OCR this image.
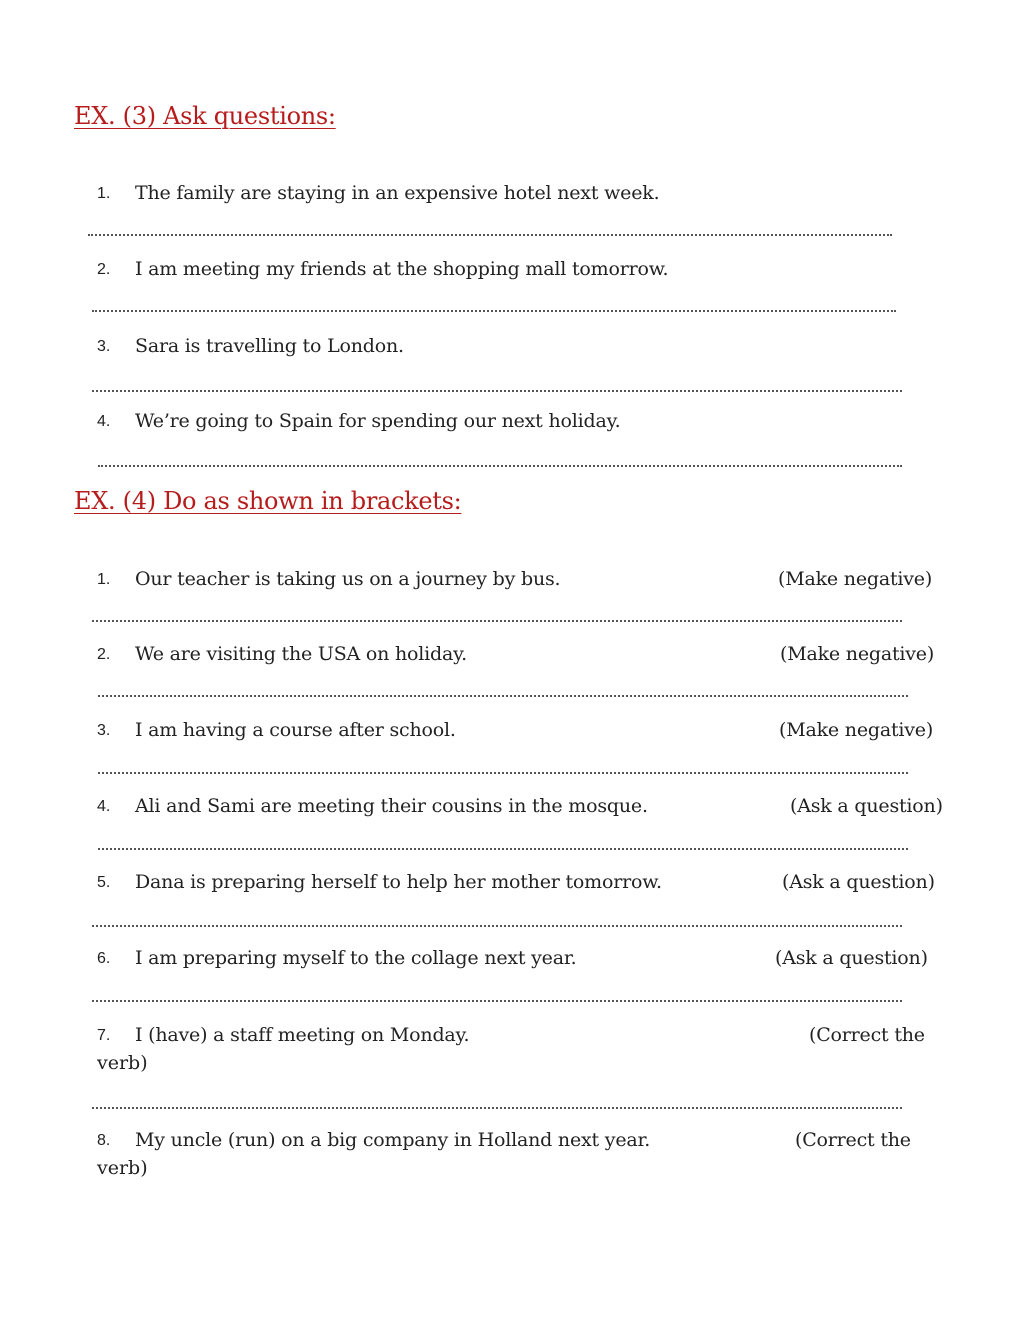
EX. (3) Ask questions:
1. The family are staying in an expensive hotel next week.
2. I am meeting my friends at the shopping mall tomorrow.
3. Sara is travelling to London.
4. We’re going to Spain for spending our next holiday.
EX. (4) Do as shown in brackets:
1. Our teacher is taking us on a journey by bus.	(Make negative)
2. We are visiting the USA on holiday.	(Make negative)
3. I am having a course after school.	(Make negative)
4. Ali and Sami are meeting their cousins in the mosque.	(Ask a question)
5. Dana is preparing herself to help her mother tomorrow.	(Ask a question)
6. I am preparing myself to the collage next year.	(Ask a question)
7. I (have) a staff meeting on Monday.	(Correct the
verb)
8. My uncle (run) on a big company in Holland next year.	(Correct the
verb)
